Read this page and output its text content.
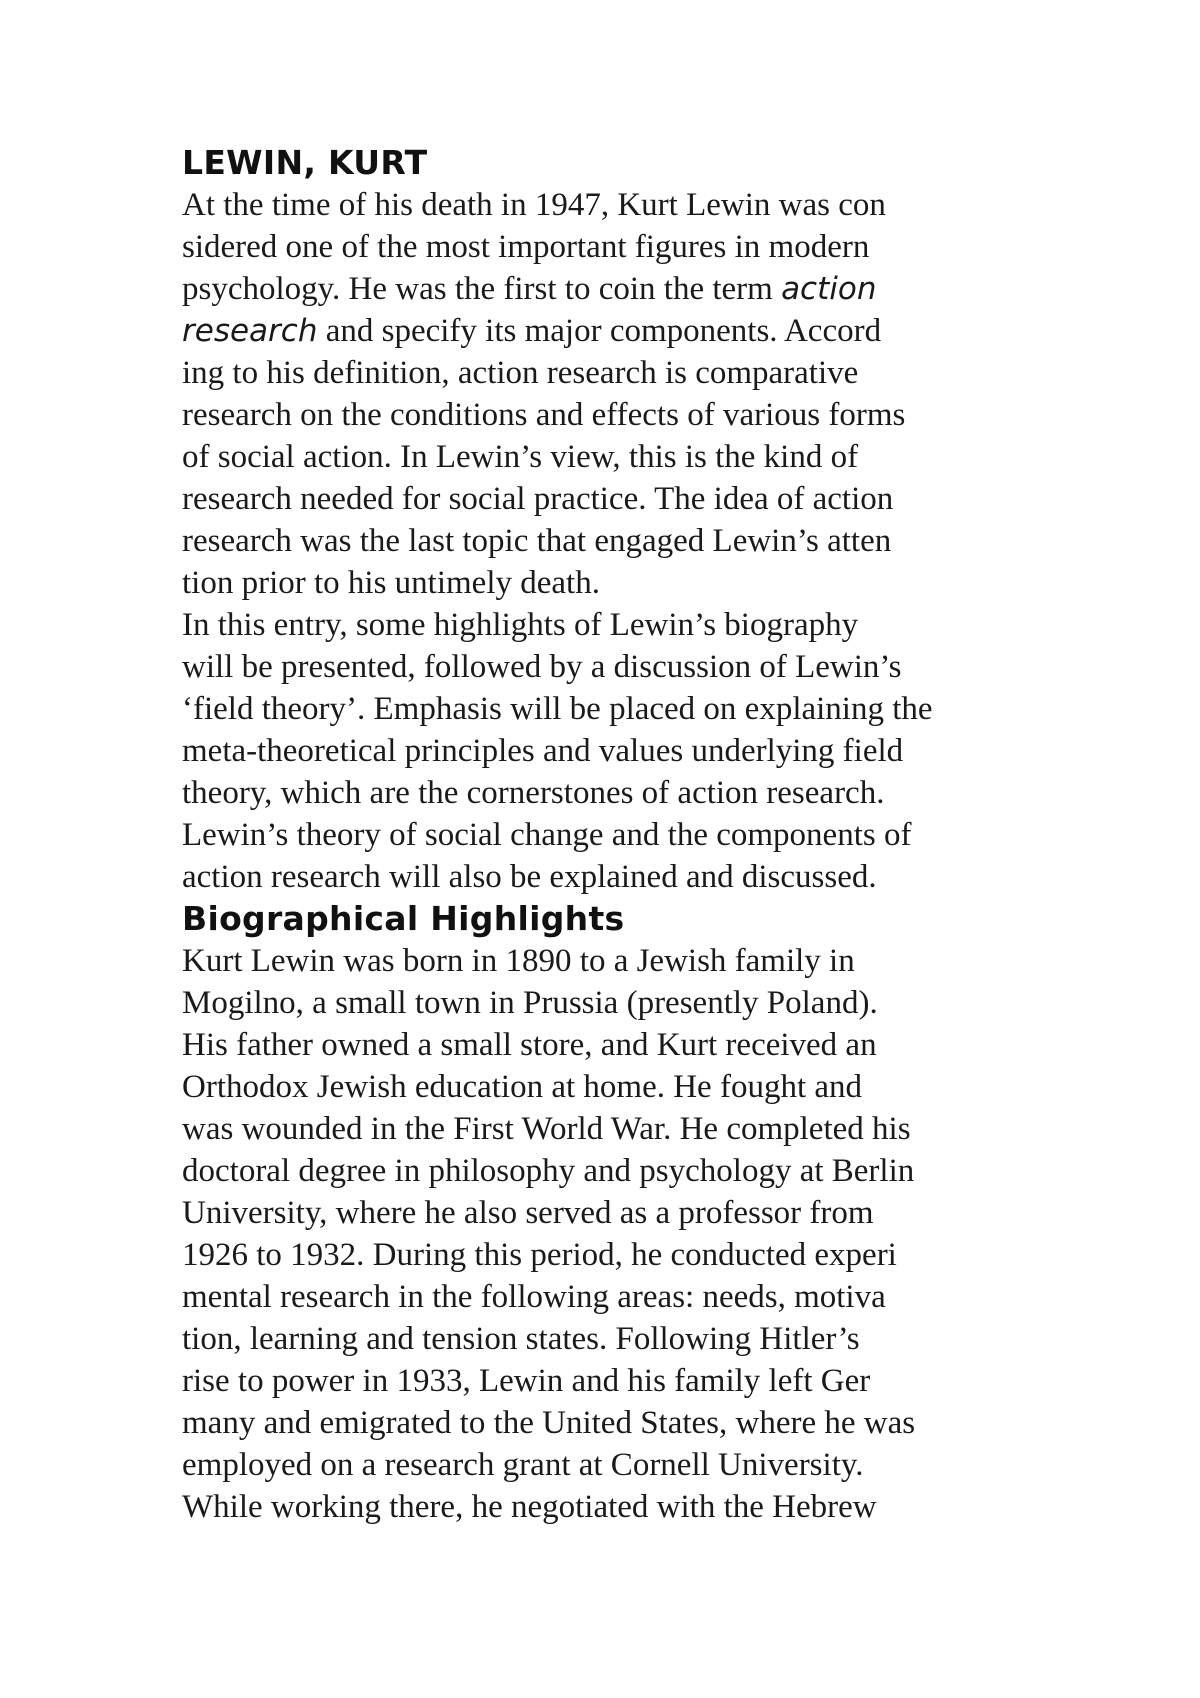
LEWIN, KURT

At the time of his death in 1947, Kurt Lewin was con

sidered one of the most important figures in modern

psychology. He was the first to coin the term action

research and specify its major components. Accord

ing to his definition, action research is comparative

research on the conditions and effects of various forms

of social action. In Lewin’s view, this is the kind of

research needed for social practice. The idea of action

research was the last topic that engaged Lewin’s atten

tion prior to his untimely death.

In this entry, some highlights of Lewin’s biography

will be presented, followed by a discussion of Lewin’s

‘field theory’. Emphasis will be placed on explaining the

meta-theoretical principles and values underlying field

theory, which are the cornerstones of action research.

Lewin’s theory of social change and the components of

action research will also be explained and discussed.

Biographical Highlights

Kurt Lewin was born in 1890 to a Jewish family in

Mogilno, a small town in Prussia (presently Poland).

His father owned a small store, and Kurt received an

Orthodox Jewish education at home. He fought and

was wounded in the First World War. He completed his

doctoral degree in philosophy and psychology at Berlin

University, where he also served as a professor from

1926 to 1932. During this period, he conducted experi

mental research in the following areas: needs, motiva

tion, learning and tension states. Following Hitler’s

rise to power in 1933, Lewin and his family left Ger

many and emigrated to the United States, where he was

employed on a research grant at Cornell University.

While working there, he negotiated with the Hebrew
